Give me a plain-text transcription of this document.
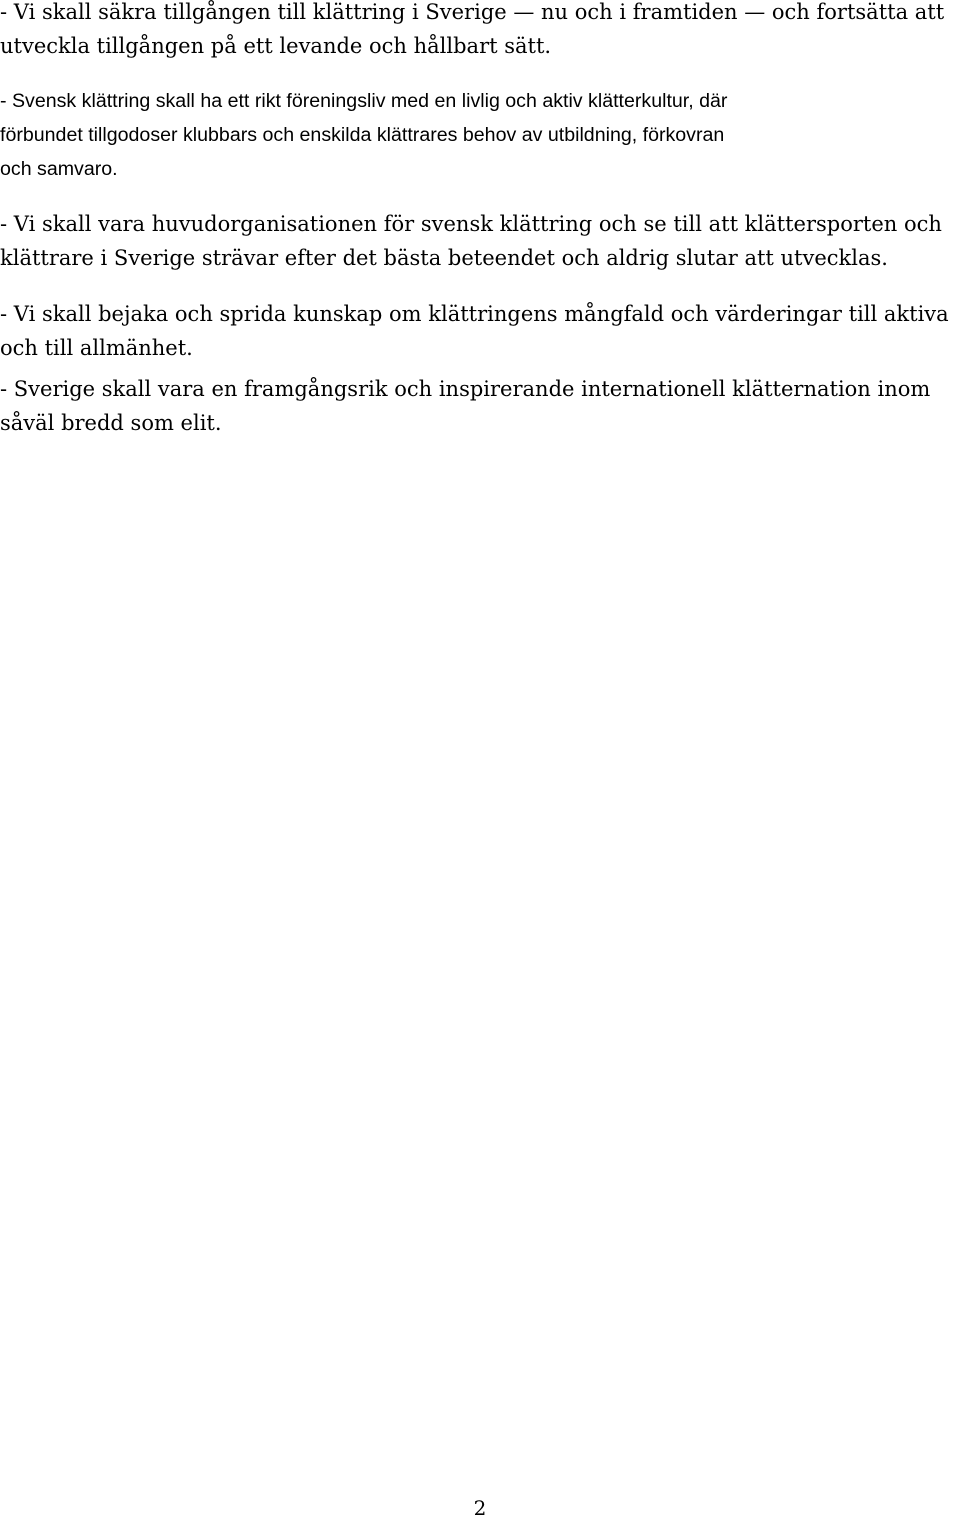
- Vi skall säkra tillgången till klättring i Sverige — nu och i framtiden — och fortsätta att
utveckla tillgången på ett levande och hållbart sätt.

- Svensk klättring skall ha ett rikt föreningsliv med en livlig och aktiv klätterkultur, där
förbundet tillgodoser klubbars och enskilda klättrares behov av utbildning, förkovran
och samvaro.

- Vi skall vara huvudorganisationen för svensk klättring och se till att klättersporten och
klättrare i Sverige strävar efter det bästa beteendet och aldrig slutar att utvecklas.

- Vi skall bejaka och sprida kunskap om klättringens mångfald och värderingar till aktiva
och till allmänhet.

- Sverige skall vara en framgångsrik och inspirerande internationell klätternation inom
såväl bredd som elit.

2
